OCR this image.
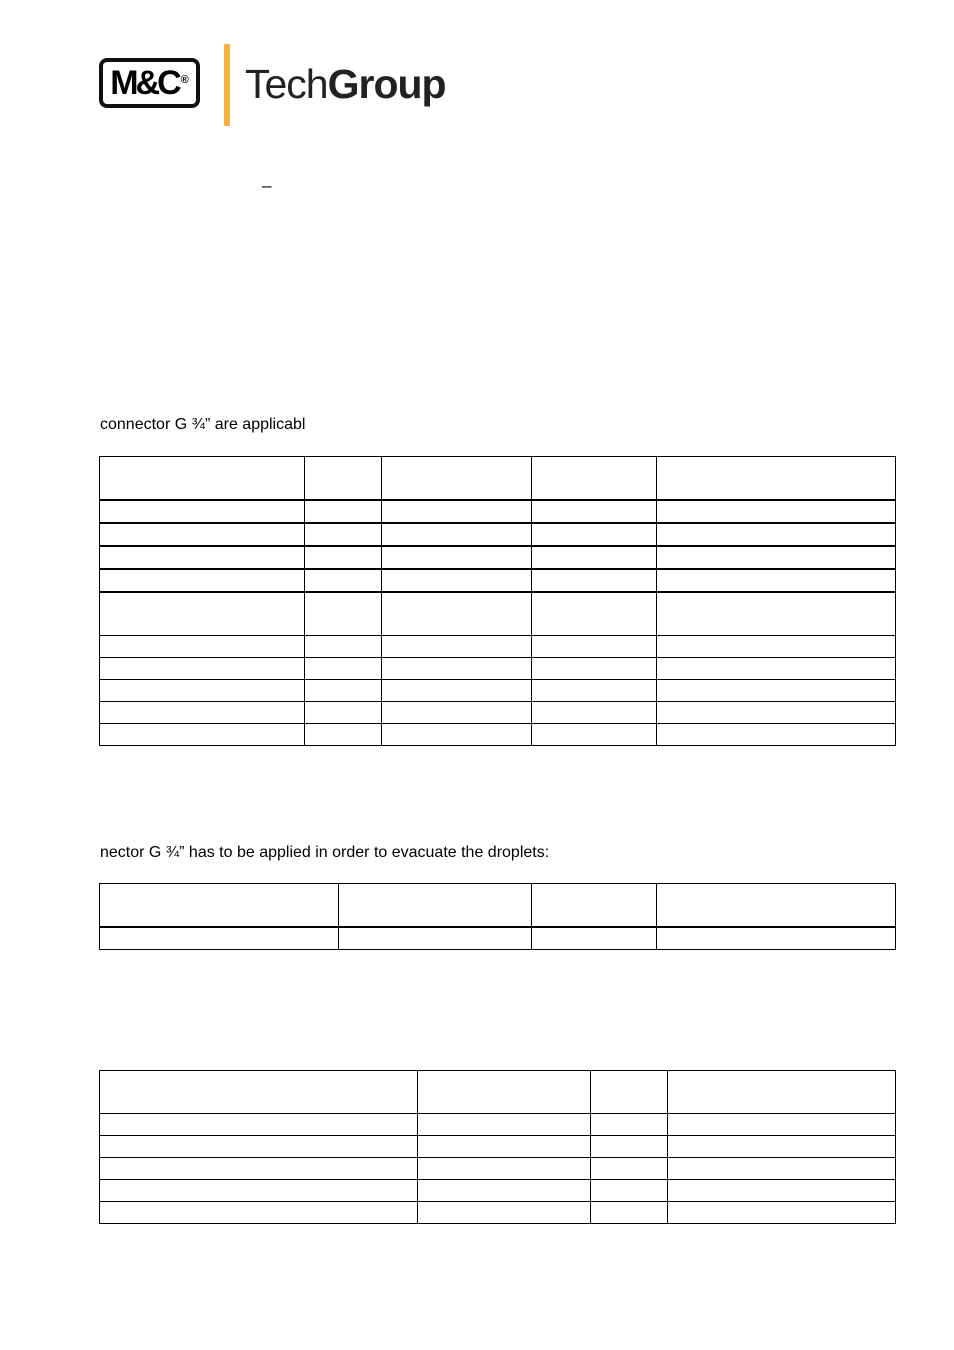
M&C ® TechGroup
–
connector G ¾” are applicabl

nector G ¾” has to be applied in order to evacuate the droplets:
